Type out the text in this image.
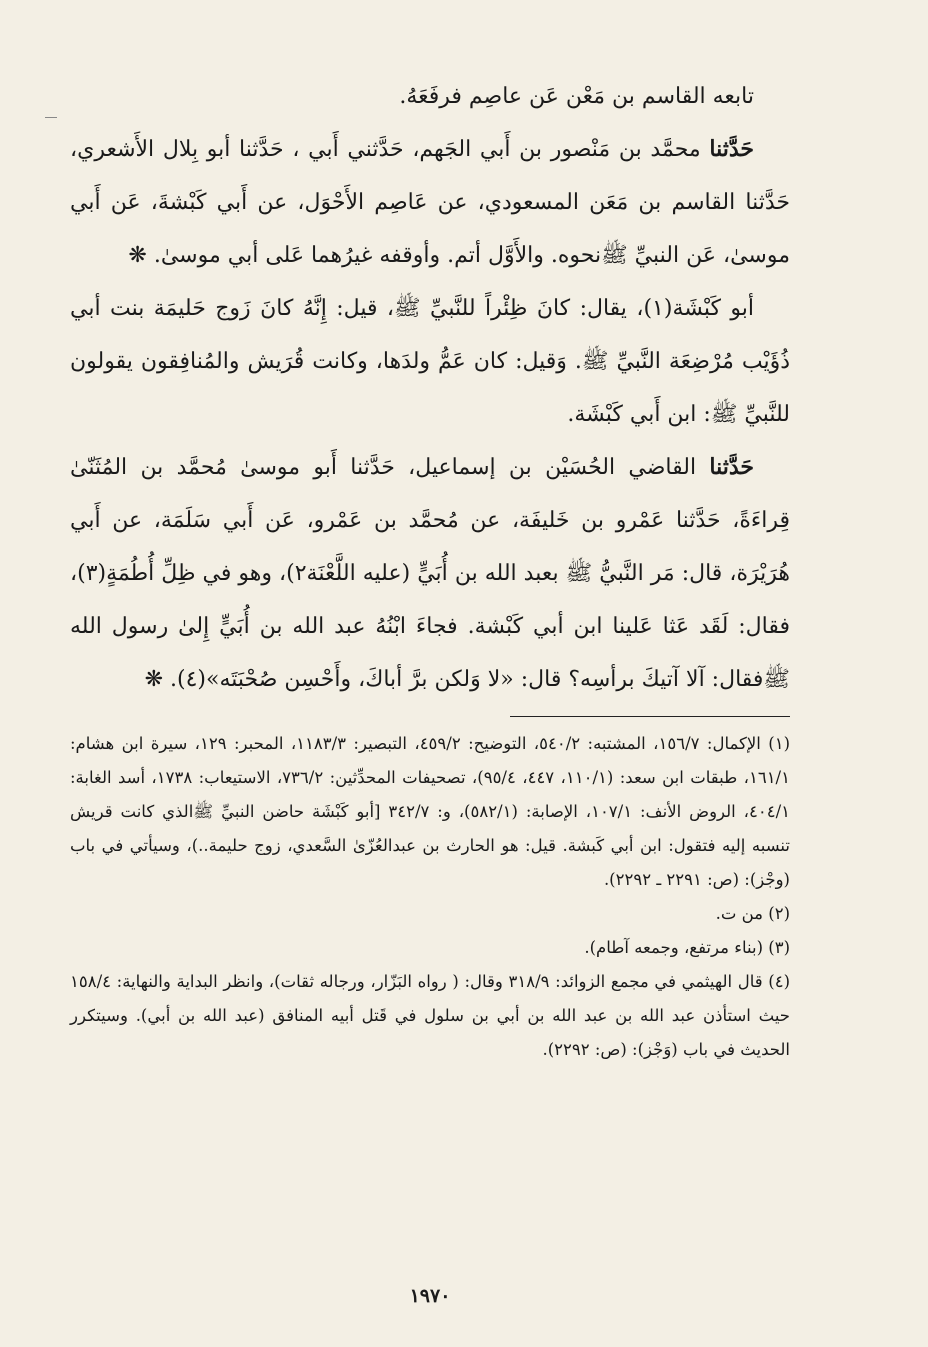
تابعه القاسم بن مَعْن عَن عاصِم فرفَعَهُ.

حَدَّثنا محمَّد بن مَنْصور بن أَبي الجَهم، حَدَّثني أَبي ، حَدَّثنا أبو بِلال الأَشعري، حَدَّثنا القاسم بن مَعَن المسعودي، عن عَاصِم الأَحْوَل، عن أَبي كَبْشةَ، عَن أَبي موسىٰ، عَن النبيِّ ﷺنحوه. والأَوَّل أتم. وأوقفه غيرُهما عَلى أبي موسىٰ. ❋

أبو كَبْشَة(١)، يقال: كانَ ظِئْراً للنَّبيِّ ﷺ، قيل: إِنَّهُ كانَ زَوج حَليمَة بنت أبي ذُؤَيْب مُرْضِعَة النَّبيِّ ﷺ. وَقيل: كان عَمُّ ولدَها، وكانت قُرَيش والمُنافِقون يقولون للنَّبيِّ ﷺ: ابن أَبي كَبْشَة.

حَدَّثنا القاضي الحُسَيْن بن إسماعيل، حَدَّثنا أَبو موسىٰ مُحمَّد بن المُثَنّىٰ قِراءَةً، حَدَّثنا عَمْرو بن خَليفَة، عن مُحمَّد بن عَمْرو، عَن أَبي سَلَمَة، عن أَبي هُرَيْرَة، قال: مَر النَّبيُّ ﷺ بعبد الله بن أُبَيٍّ (عليه اللَّعْنَة٢)، وهو في ظِلِّ أُطُمَةٍ(٣)، فقال: لَقَد عَثا عَلينا ابن أبي كَبْشة. فجاءَ ابْنُهُ عبد الله بن أُبَيٍّ إِلىٰ رسول الله ﷺفقال: آلا آتيكَ برأسِه؟ قال: «لا وَلكن برَّ أباكَ، وأَحْسِن صُحْبَتَه»(٤). ❋

(١) الإكمال: ١٥٦/٧، المشتبه: ٥٤٠/٢، التوضيح: ٤٥٩/٢، التبصير: ١١٨٣/٣، المحبر: ١٢٩، سيرة ابن هشام: ١٦١/١، طبقات ابن سعد: (١١٠/١، ٤٤٧، ٩٥/٤)، تصحيفات المحدِّثين: ٧٣٦/٢، الاستيعاب: ١٧٣٨، أسد الغابة: ٤٠٤/١، الروض الأنف: ١٠٧/١، الإصابة: (٥٨٢/١)، و: ٣٤٢/٧ [أبو كَبْشَة حاضن النبيِّ ﷺالذي كانت قريش تنسبه إليه فتقول: ابن أبي كَبشة. قيل: هو الحارث بن عبدالعُزّىٰ السَّعدي، زوج حليمة..)، وسيأتي في باب (وجْز): (ص: ٢٢٩١ ـ ٢٢٩٢).

(٢) من ت.

(٣) (بناء مرتفع، وجمعه آطام).

(٤) قال الهيثمي في مجمع الزوائد: ٣١٨/٩ وقال: ( رواه البَزّار، ورجاله ثقات)، وانظر البداية والنهاية: ١٥٨/٤ حيث استأذن عبد الله بن عبد الله بن أبي بن سلول في قَتل أبيه المنافق (عبد الله بن أبي). وسيتكرر الحديث في باب (وَجْز): (ص: ٢٢٩٢).

١٩٧٠
